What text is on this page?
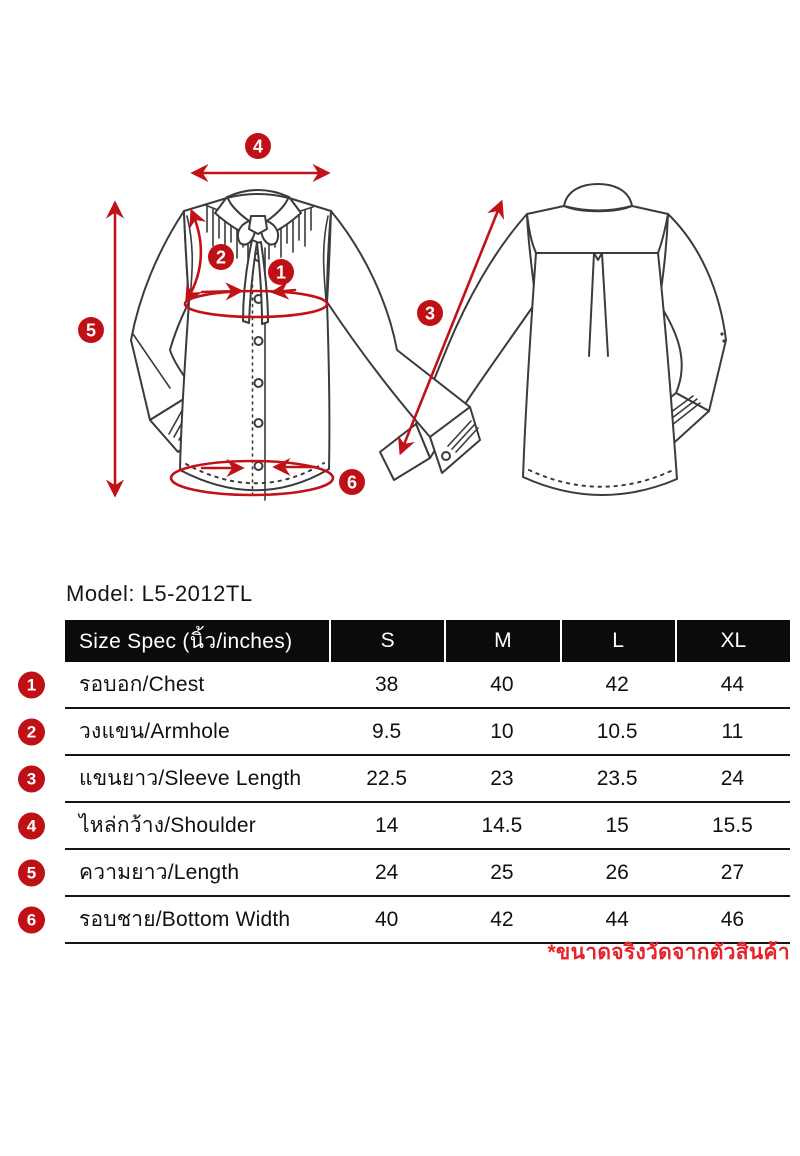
1
2
3
4
5
6
Model: L5-2012TL
Size Spec (นิ้ว/inches)	S	M	L	XL
1	รอบอก/Chest	38	40	42	44
2	วงแขน/Armhole	9.5	10	10.5	11
3	แขนยาว/Sleeve Length	22.5	23	23.5	24
4	ไหล่กว้าง/Shoulder	14	14.5	15	15.5
5	ความยาว/Length	24	25	26	27
6	รอบชาย/Bottom Width	40	42	44	46
*ขนาดจริงวัดจากตัวสินค้า
